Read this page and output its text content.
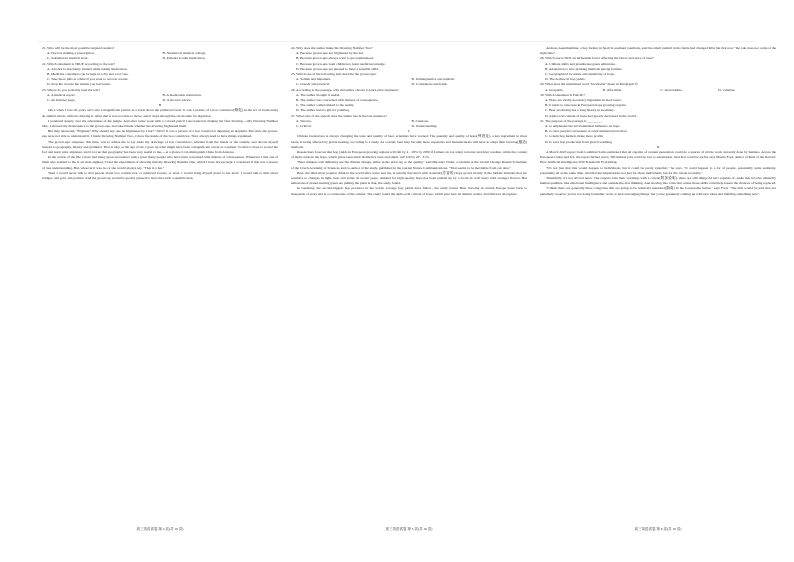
21. Who will be the most possible targeted readers?

A. Doctors making a prescription.	B. Students in medical college.
C. Salesmen in medical store.	D. Patients to take medication.

22. Which statement is TRUE according to the text?

A. Alcohol is absolutely banned while taking medication .
B. Medicine containers can be kept in a dry and cool case.
C. Take more pills at a time if you want to recover sooner.
D. Stop the reverse the instant you feel better.

23. Where do you probably read the text?

A. A medical report.	B. A medication instruction.
C. An Internet page.	D. A doctor's advice.

B

Once when I was six years old I saw a magnificent picture in a book about the primeval forest. It was a picture of a boa constrictor(蟒蛇) in the act of swallowing an animal whole, without chewing it. After that it was not able to move, and it slept through the six months for digestion.

I pondered deeply over the adventures of the jungle. And after some work with a colored pencil I succeeded in making my first drawing----My Drawing Number One. I showed my masterpiece to the grown-ups, and asked them whether the drawing frightened them.

But they answered, "Frighten? Why should any one be frightened by a hat?" NO!!! It was a picture of a boa constrictor digesting an elephant. But since the grown-ups were not able to understand it, I made Drawing Number Two--I drew the inside of the boa constrictor. They always need to have things explained.

The grown-ups' response, this time, was to advise me to lay aside my drawings of boa constrictors, whether from the inside or the outside, and devote myself instead to geography, history and grammar. That is why, at the age of six, I gave up what might have been a magnificent career as a painter. So then I chose to accept the fact and learn pilot airplanes, and it is true that geography has been very useful to me----at a glance I can distinguish China from Arizona.

In the course of the life, I have had many great encounters with a great many people who have been concerned with matters of consequence. Whenever I met one of them who seemed to me at all clear-sighted, I tried the experiment of showing him my Drawing Number One, which I have always kept. I wondered if this was a person of true understanding. But, whoever it was, he or she would always say, "That is a hat."

Then I would never talk to that person about boa constrictors, or primeval forests, or stars. I would bring myself down to his level. I would talk to him about bridges, and golf, and politics. And the grown-up would be greatly pleased to have met such a sensible man.

24. Why does the author make his Drawing Number Two?

A. Because grown-ups are frightened by the hat.
B. Because grown-ups always want to get explanations.
C. Because grown-ups want children to learn useful knowledge.
D. Because grown-ups are pleased to meet a sensible child.

25. Which one of the following best describe the grown-ups?

A. Selfish and impatient.	B. Unimaginative and realistic.
C. Greedy and practical.	D. Considerate and frank.

26. According to the passage, why did author choose to learn pilot airplanes?

A. The author thought it useful.
B. The author was concerned with matters of consequence.
C. The author compromised to the reality.
D. The author had no gift for painting.

27. What tone of the speech does the author use in the last sentence?

A. Sincere.	B. Cautious.
C. Critical.	D. Understanding.

C

Climate breakdown is always changing the taste and quality of beer, scientists have warned. The quantity and quality of hops(啤酒花), a key ingredient in most beers, is being affected by global heating, according to a study. As a result, beer may become more expensive and manufacturers will have to adapt their brewing(酿造) methods.

Researchers forecast that hop yields in European growing regions will fall by 4 - 18% by 2050 if farmers do not adapt to hotter and drier weather, while the content of alpha acids in the hops, which gives beers their distinctive taste and smell, will fall by 20 - 31%.

"Beer drinkers will definitely see the climate change, either in the price tag or the quality," said Miroslav Trnka, a scientist at the Global Change Research Institute of the Czech Academy of Sciences and co-author of the study, published in the journal Nature Communications. "That seems to be inevitable from our data."

Beer, the third-most popular drink in the world after water and tea, is usually flavoured with aromatic(芳香的) hops grown mostly in the middle latitudes that are sensitive to changes in light, heat and water. In recent years, demand for high-quality hops has been pushed up by a boom in craft beers with stronger flavors. But emissions of planet-heating gases are putting the plant at risk, the study found.

In Germany, the second-biggest hop producer in the world, average hop yields have fallen , the study found. Beer brewing in central Europe dates back to thousands of years and is a cornerstone of the culture. The study found the alpha acid content of hops, which give beer its distinct aroma, had fallen in all regions.

Andreas Auernhammer, a hop farmer in Spalt in southern Germany, said the small rainfall in his fields had changed little but that now "the rain does not come at the right time".

28. Which one is NOT an influential factor affecting the flavor and price of beer?

A. Climate shifts and greenhouse gases emissions.
B. Adaptation to new planting methods among farmers.
C. Geographical locations and sensitivity of hops.
D. The decline in hop yields.

29. What does the underlined word "inevitable" mean in Paragraph 3?

A. incapable.	B. affordable.	C. unavoidable.	D. valuable.

30. Which statement is FALSE?

A. Hops are vitally necessary ingredient in most beers.
B. It tends to raise less in European hops growing regions.
C. Beer producing has a long history in Germany.
D. Alpha acid content of hops had greatly decreased in the world.

31. The purpose of the passage is ________.

A. to emphasize the environmental influence on hops
B. to raise people's awareness of environmental protection
C. to help hop farmers make more profits
D. to save hop production from global warming

D

A March 2023 report from Goldman Sachs estimated that AI capable of content generation could do a quarter of all the work currently done by humans. Across the European Union and US, the report further notes, 300 million jobs could be lost to automation. And that could be awful, says Martin Ford, author of Rule of the Robots: How Artificial Intelligence Will Transform Everything.

"It's not just that this would happen to individuals, but it could be pretty systemic," he says. "It could happen to a lot of people, potentially quite suddenly, potentially all at the same time. And that has implications not just for those individuals, but for the whole economy."

Thankfully, it's not all bad news. The experts trust their warnings with a caveat(附加说明), there are still things AI isn't capable of--tasks that involve distinctly human qualities, like emotional intelligence and outside-the-box thinking. And moving into roles that centre those skills could help lessen the chances of being replaced.

"I think there are generally three categories that are going to be relatively insulated(隔离) in the foreseeable future," says Ford. "The first would be jobs that are genuinely creative; you're not doing formulaic work or just rearranging things, but you're genuinely coming up with new ideas and building something new."

高三英语试卷 第 4 页(共 10 页)	高三英语试卷 第 5 页(共 10 页)	高三英语试卷 第 6 页(共 10 页)
